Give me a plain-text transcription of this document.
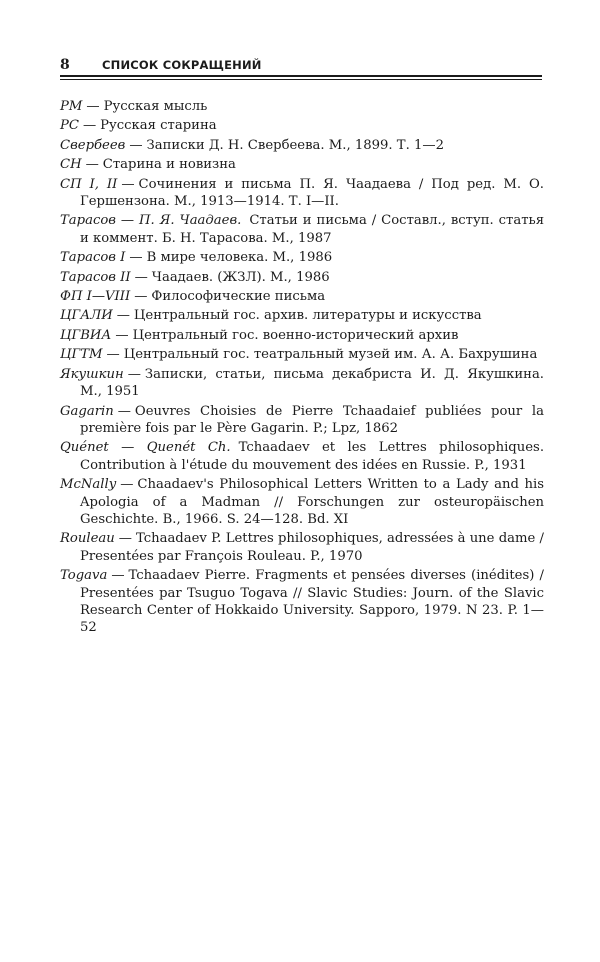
8	СПИСОК СОКРАЩЕНИЙ
РМ — Русская мысль
РС — Русская старина
Свербеев — Записки Д. Н. Свербеева. М., 1899. Т. 1—2
СН — Старина и новизна
СП I, II — Сочинения и письма П. Я. Чаадаева / Под ред. М. О. Гершензона. М., 1913—1914. Т. I—II.
Тарасов — П. Я. Чаадаев. Статьи и письма / Составл., вступ. статья и коммент. Б. Н. Тарасова. М., 1987
Тарасов I — В мире человека. М., 1986
Тарасов II — Чаадаев. (ЖЗЛ). М., 1986
ФП I—VIII — Философические письма
ЦГАЛИ — Центральный гос. архив. литературы и искусства
ЦГВИА — Центральный гос. военно-исторический архив
ЦГТМ — Центральный гос. театральный музей им. А. А. Бахрушина
Якушкин — Записки, статьи, письма декабриста И. Д. Якушкина. М., 1951
Gagarin — Oeuvres Choisies de Pierre Tchaadaief publiées pour la première fois par le Père Gagarin. P.; Lpz, 1862
Quénet — Quenét Ch. Tchaadaev et les Lettres philosophiques. Contribution à l'étude du mouvement des idées en Russie. P., 1931
McNally — Chaadaev's Philosophical Letters Written to a Lady and his Apologia of a Madman // Forschungen zur osteuropäischen Geschichte. B., 1966. S. 24—128. Bd. XI
Rouleau — Tchaadaev P. Lettres philosophiques, adressées à une dame / Presentées par François Rouleau. P., 1970
Togava — Tchaadaev Pierre. Fragments et pensées diverses (inédites) / Presentées par Tsuguo Togava // Slavic Studies: Journ. of the Slavic Research Center of Hokkaido University. Sapporo, 1979. N 23. P. 1—52
